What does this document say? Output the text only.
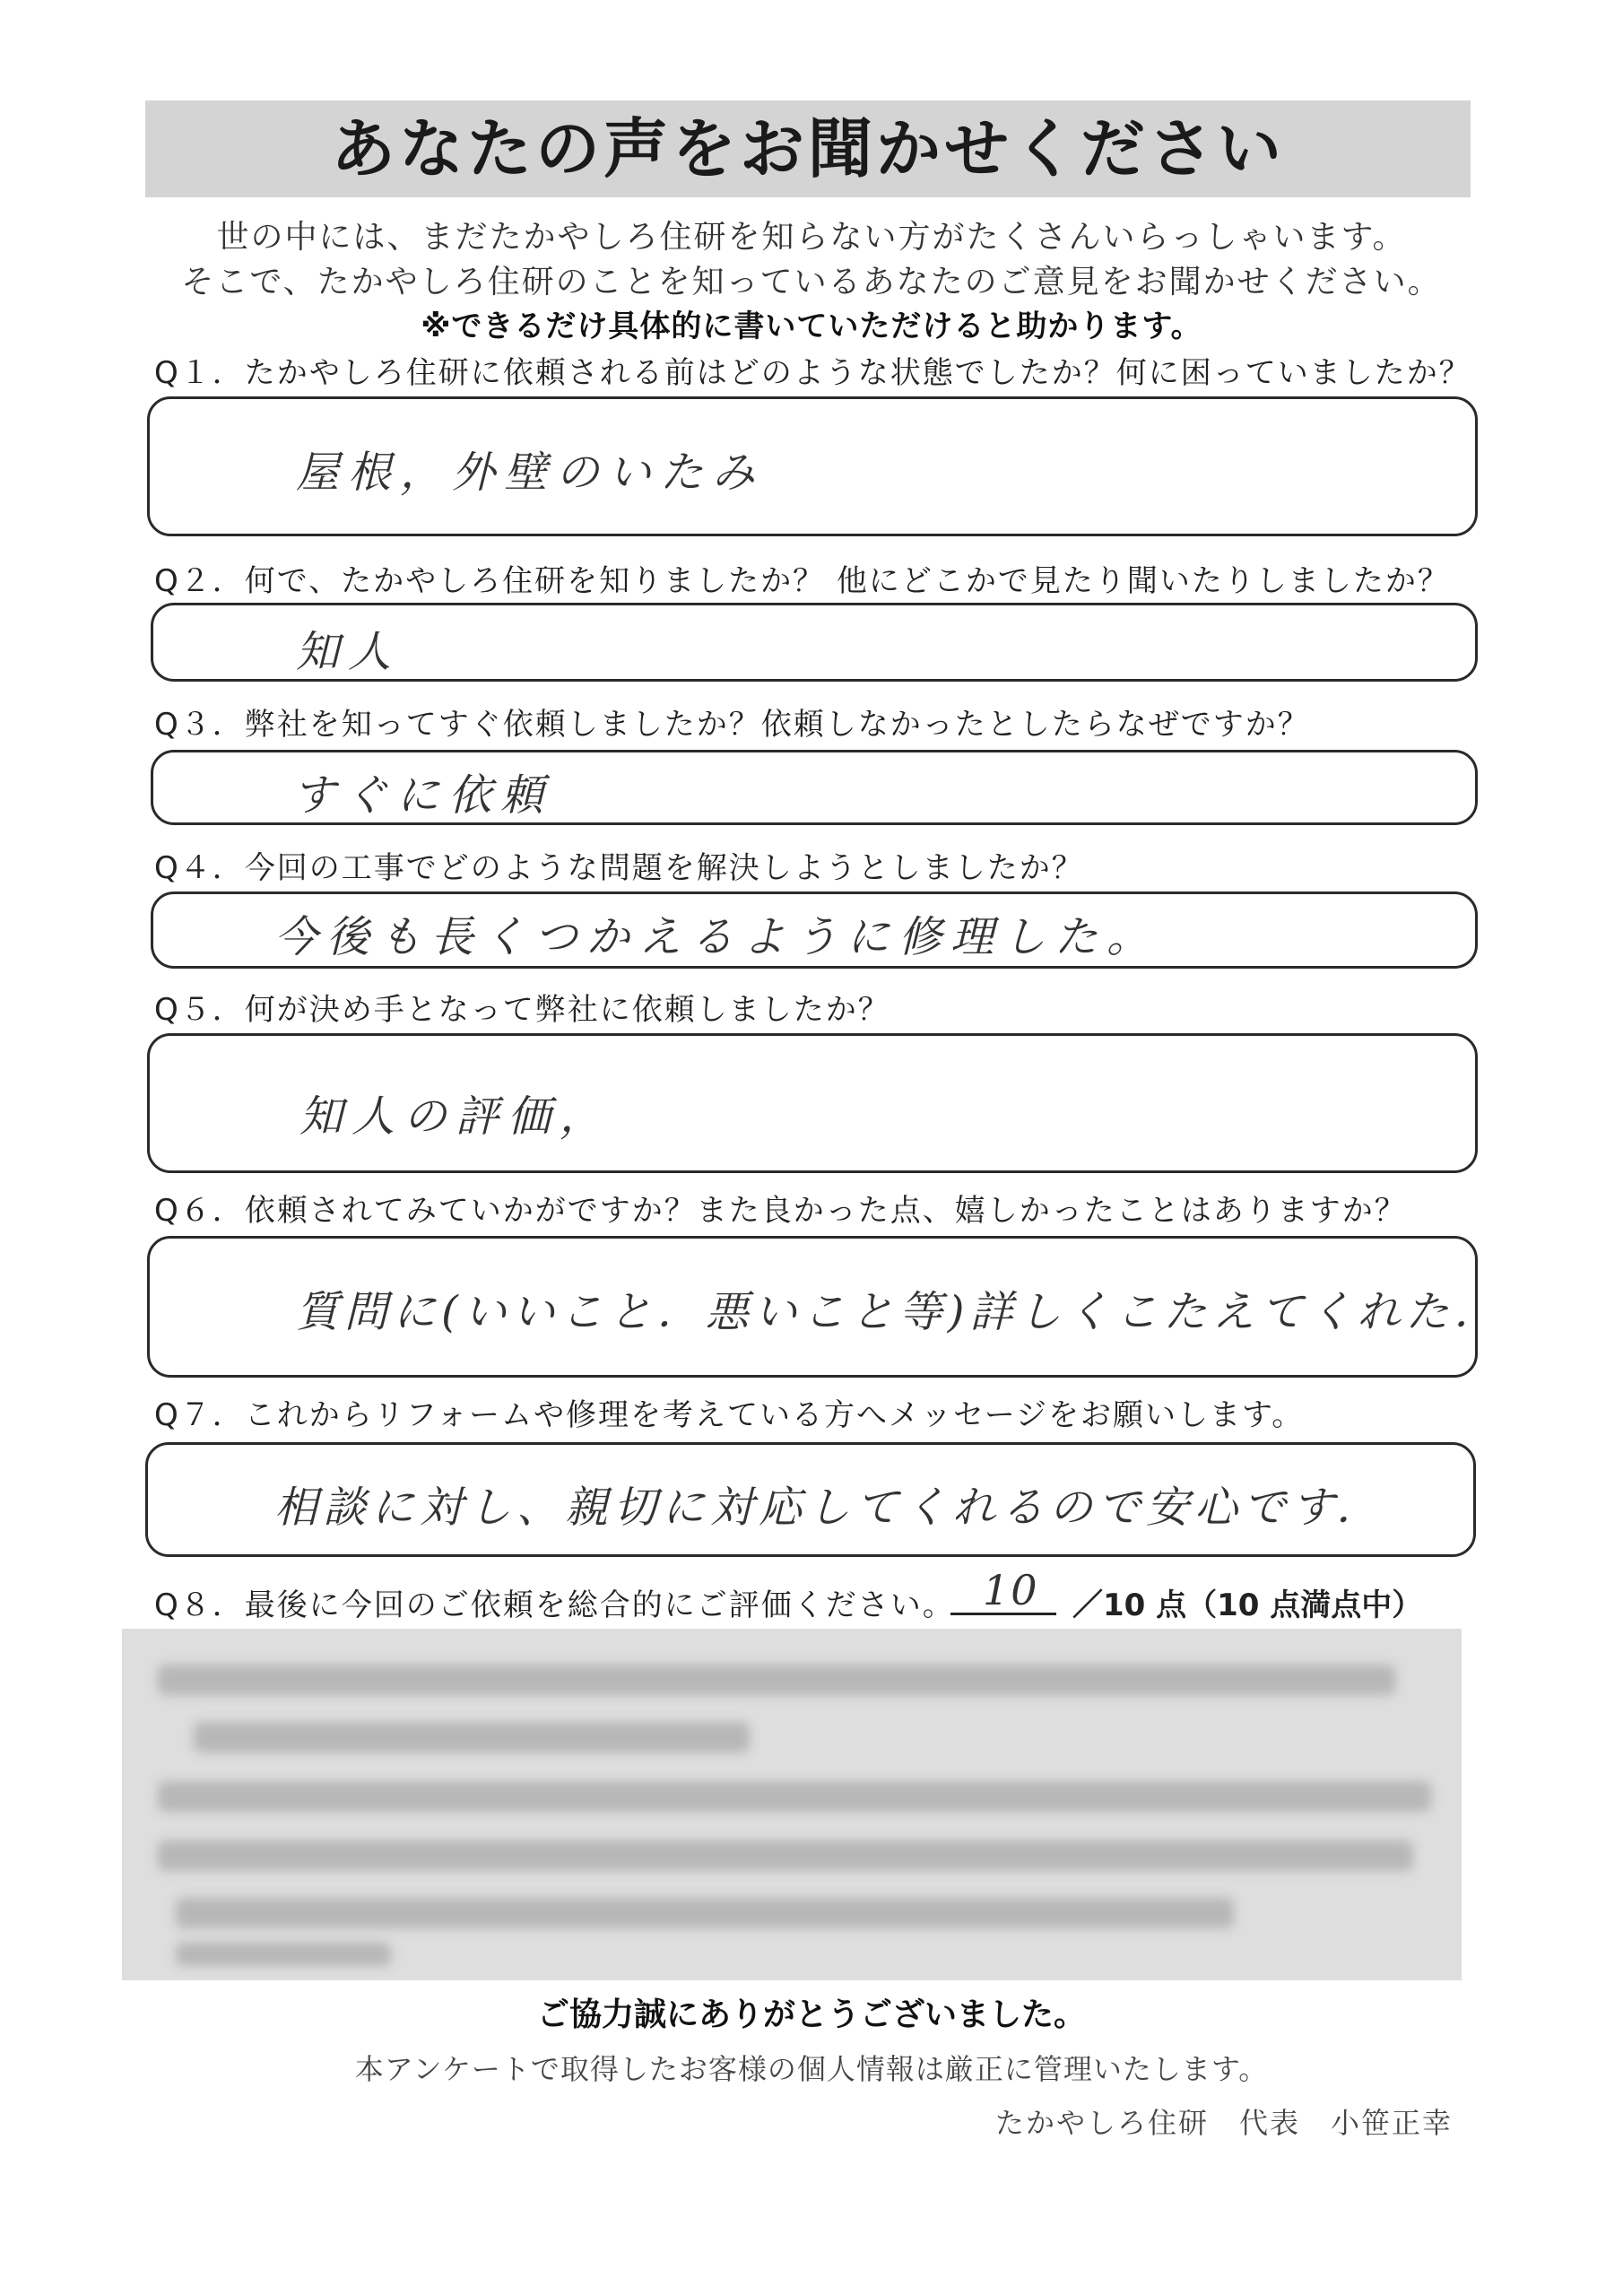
あなたの声をお聞かせください
世の中には、まだたかやしろ住研を知らない方がたくさんいらっしゃいます。
そこで、たかやしろ住研のことを知っているあなたのご意見をお聞かせください。
※できるだけ具体的に書いていただけると助かります。
Q１．たかやしろ住研に依頼される前はどのような状態でしたか？何に困っていましたか？
屋根，外壁のいたみ
Q２．何で、たかやしろ住研を知りましたか？ 他にどこかで見たり聞いたりしましたか？
知人
Q３．弊社を知ってすぐ依頼しましたか？依頼しなかったとしたらなぜですか？
すぐに依頼
Q４．今回の工事でどのような問題を解決しようとしましたか？
今後も長くつかえるように修理した。
Q５．何が決め手となって弊社に依頼しましたか？
知人の評価，
Q６．依頼されてみていかがですか？また良かった点、嬉しかったことはありますか？
質問に(いいこと．悪いこと等)詳しくこたえてくれた．
Q７．これからリフォームや修理を考えている方へメッセージをお願いします。
相談に対し、親切に対応してくれるので安心です．
Q８．最後に今回のご依頼を総合的にご評価ください。 10 ／10 点（10 点満点中）
ご協力誠にありがとうございました。
本アンケートで取得したお客様の個人情報は厳正に管理いたします。
たかやしろ住研　代表　小笹正幸
